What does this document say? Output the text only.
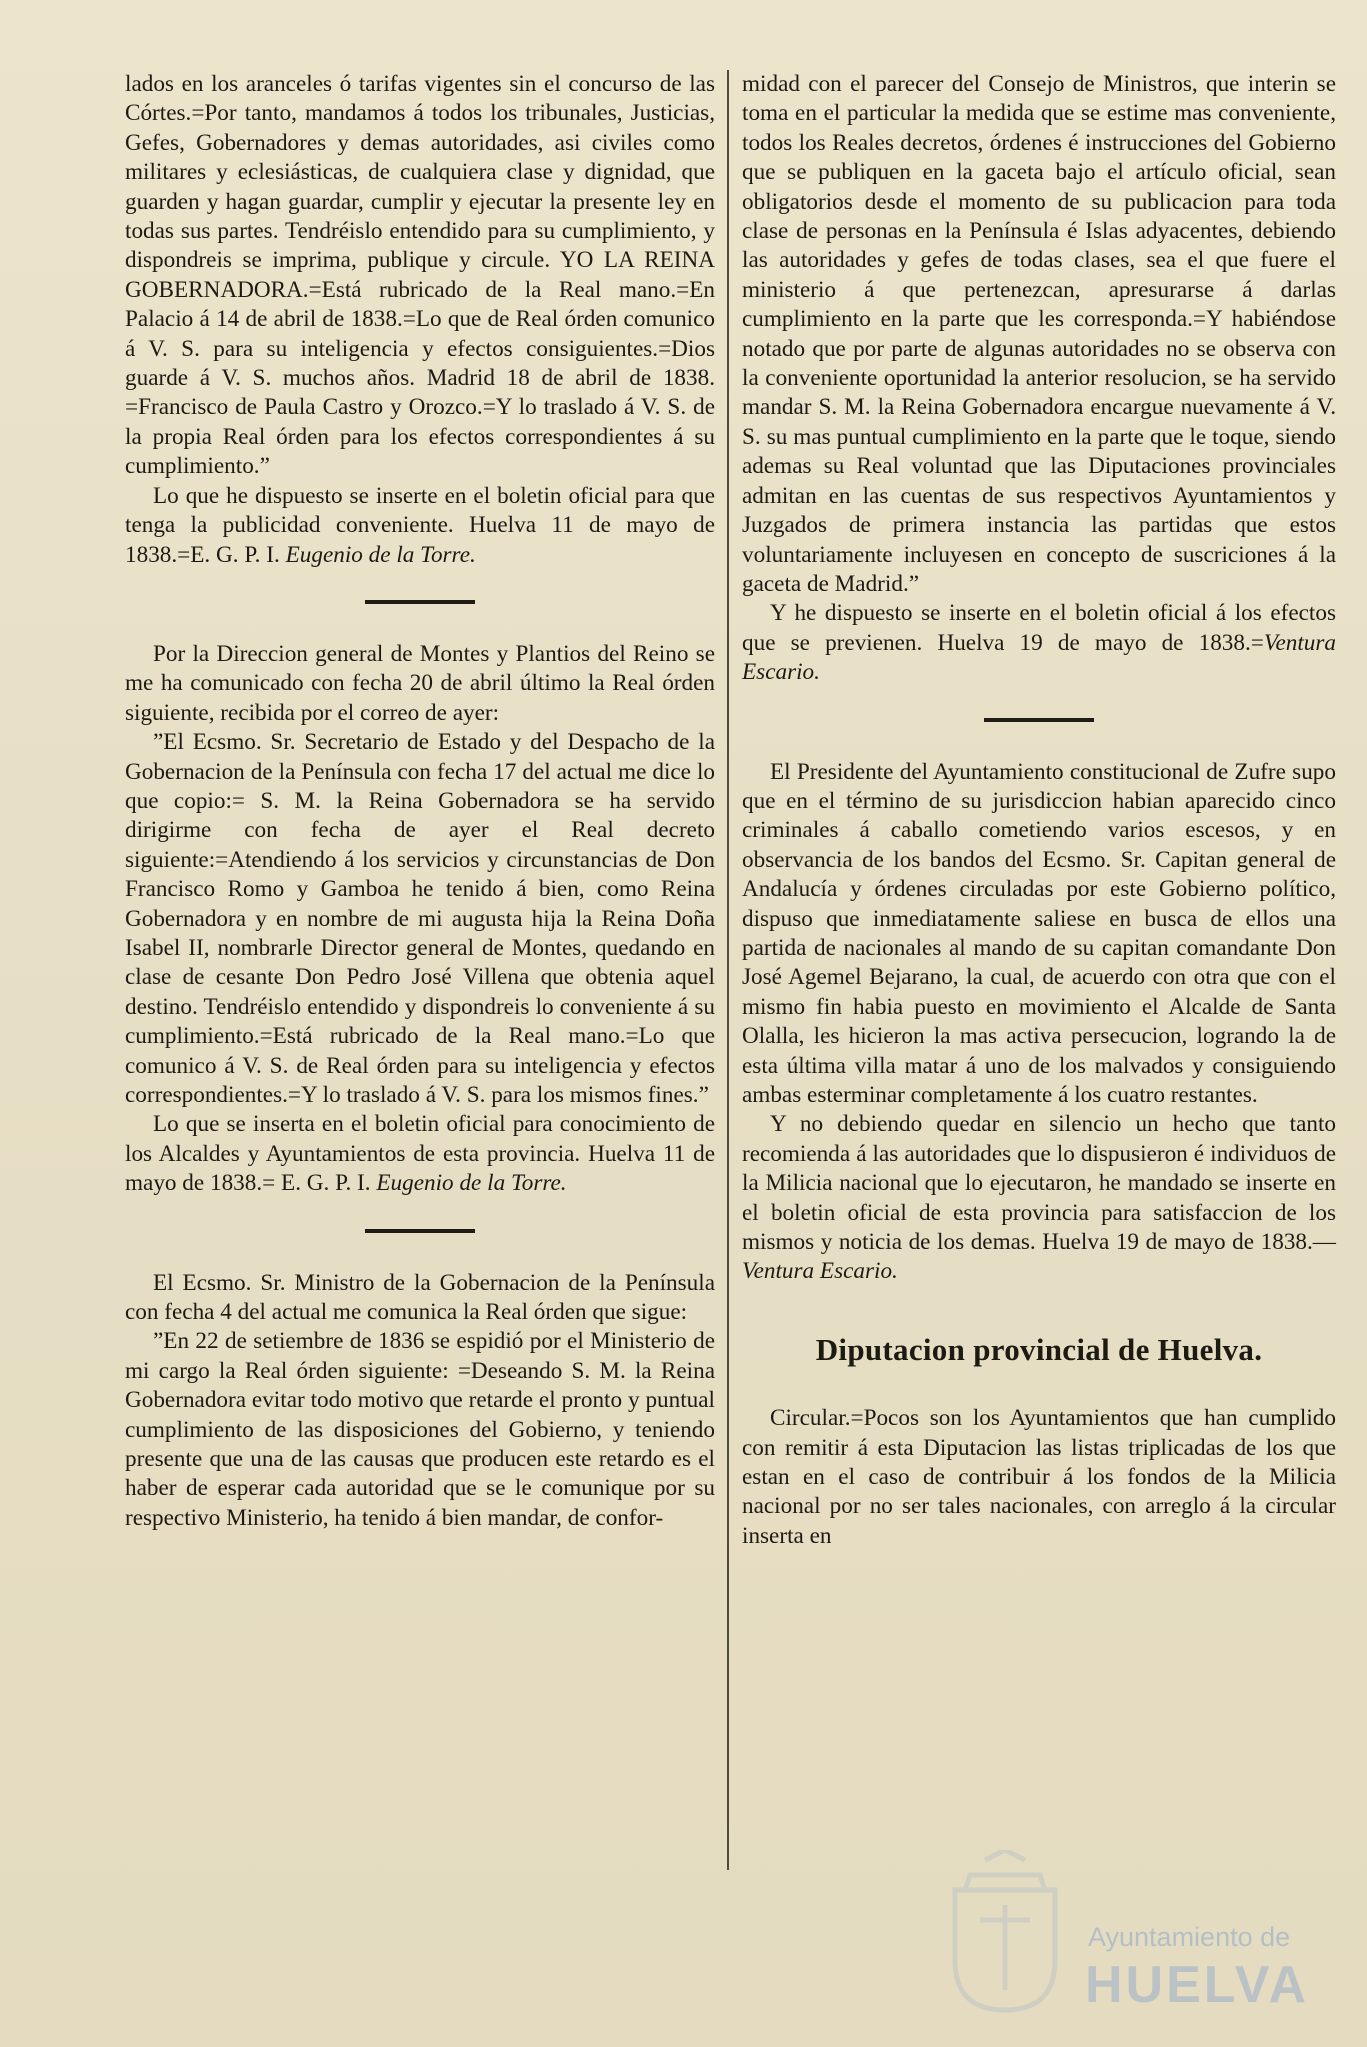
lados en los aranceles ó tarifas vigentes sin el concurso de las Córtes.=Por tanto, mandamos á todos los tribunales, Justicias, Gefes, Gobernadores y demas autoridades, asi civiles como militares y eclesiásticas, de cualquiera clase y dignidad, que guarden y hagan guardar, cumplir y ejecutar la presente ley en todas sus partes. Tendréislo entendido para su cumplimiento, y dispondreis se imprima, publique y circule. YO LA REINA GOBERNADORA.=Está rubricado de la Real mano.=En Palacio á 14 de abril de 1838.=Lo que de Real órden comunico á V. S. para su inteligencia y efectos consiguientes.=Dios guarde á V. S. muchos años. Madrid 18 de abril de 1838. =Francisco de Paula Castro y Orozco.=Y lo traslado á V. S. de la propia Real órden para los efectos correspondientes á su cumplimiento.”

Lo que he dispuesto se inserte en el boletin oficial para que tenga la publicidad conveniente. Huelva 11 de mayo de 1838.=E. G. P. I. Eugenio de la Torre.

Por la Direccion general de Montes y Plantios del Reino se me ha comunicado con fecha 20 de abril último la Real órden siguiente, recibida por el correo de ayer:

”El Ecsmo. Sr. Secretario de Estado y del Despacho de la Gobernacion de la Península con fecha 17 del actual me dice lo que copio:= S. M. la Reina Gobernadora se ha servido dirigirme con fecha de ayer el Real decreto siguiente:=Atendiendo á los servicios y circunstancias de Don Francisco Romo y Gamboa he tenido á bien, como Reina Gobernadora y en nombre de mi augusta hija la Reina Doña Isabel II, nombrarle Director general de Montes, quedando en clase de cesante Don Pedro José Villena que obtenia aquel destino. Tendréislo entendido y dispondreis lo conveniente á su cumplimiento.=Está rubricado de la Real mano.=Lo que comunico á V. S. de Real órden para su inteligencia y efectos correspondientes.=Y lo traslado á V. S. para los mismos fines.”

Lo que se inserta en el boletin oficial para conocimiento de los Alcaldes y Ayuntamientos de esta provincia. Huelva 11 de mayo de 1838.= E. G. P. I. Eugenio de la Torre.

El Ecsmo. Sr. Ministro de la Gobernacion de la Península con fecha 4 del actual me comunica la Real órden que sigue:

”En 22 de setiembre de 1836 se espidió por el Ministerio de mi cargo la Real órden siguiente: =Deseando S. M. la Reina Gobernadora evitar todo motivo que retarde el pronto y puntual cumplimiento de las disposiciones del Gobierno, y teniendo presente que una de las causas que producen este retardo es el haber de esperar cada autoridad que se le comunique por su respectivo Ministerio, ha tenido á bien mandar, de confor-

midad con el parecer del Consejo de Ministros, que interin se toma en el particular la medida que se estime mas conveniente, todos los Reales decretos, órdenes é instrucciones del Gobierno que se publiquen en la gaceta bajo el artículo oficial, sean obligatorios desde el momento de su publicacion para toda clase de personas en la Península é Islas adyacentes, debiendo las autoridades y gefes de todas clases, sea el que fuere el ministerio á que pertenezcan, apresurarse á darlas cumplimiento en la parte que les corresponda.=Y habiéndose notado que por parte de algunas autoridades no se observa con la conveniente oportunidad la anterior resolucion, se ha servido mandar S. M. la Reina Gobernadora encargue nuevamente á V. S. su mas puntual cumplimiento en la parte que le toque, siendo ademas su Real voluntad que las Diputaciones provinciales admitan en las cuentas de sus respectivos Ayuntamientos y Juzgados de primera instancia las partidas que estos voluntariamente incluyesen en concepto de suscriciones á la gaceta de Madrid.”

Y he dispuesto se inserte en el boletin oficial á los efectos que se previenen. Huelva 19 de mayo de 1838.=Ventura Escario.

El Presidente del Ayuntamiento constitucional de Zufre supo que en el término de su jurisdiccion habian aparecido cinco criminales á caballo cometiendo varios escesos, y en observancia de los bandos del Ecsmo. Sr. Capitan general de Andalucía y órdenes circuladas por este Gobierno político, dispuso que inmediatamente saliese en busca de ellos una partida de nacionales al mando de su capitan comandante Don José Agemel Bejarano, la cual, de acuerdo con otra que con el mismo fin habia puesto en movimiento el Alcalde de Santa Olalla, les hicieron la mas activa persecucion, logrando la de esta última villa matar á uno de los malvados y consiguiendo ambas esterminar completamente á los cuatro restantes.

Y no debiendo quedar en silencio un hecho que tanto recomienda á las autoridades que lo dispusieron é individuos de la Milicia nacional que lo ejecutaron, he mandado se inserte en el boletin oficial de esta provincia para satisfaccion de los mismos y noticia de los demas. Huelva 19 de mayo de 1838.—Ventura Escario.

Diputacion provincial de Huelva.

Circular.=Pocos son los Ayuntamientos que han cumplido con remitir á esta Diputacion las listas triplicadas de los que estan en el caso de contribuir á los fondos de la Milicia nacional por no ser tales nacionales, con arreglo á la circular inserta en

Ayuntamiento de
HUELVA
